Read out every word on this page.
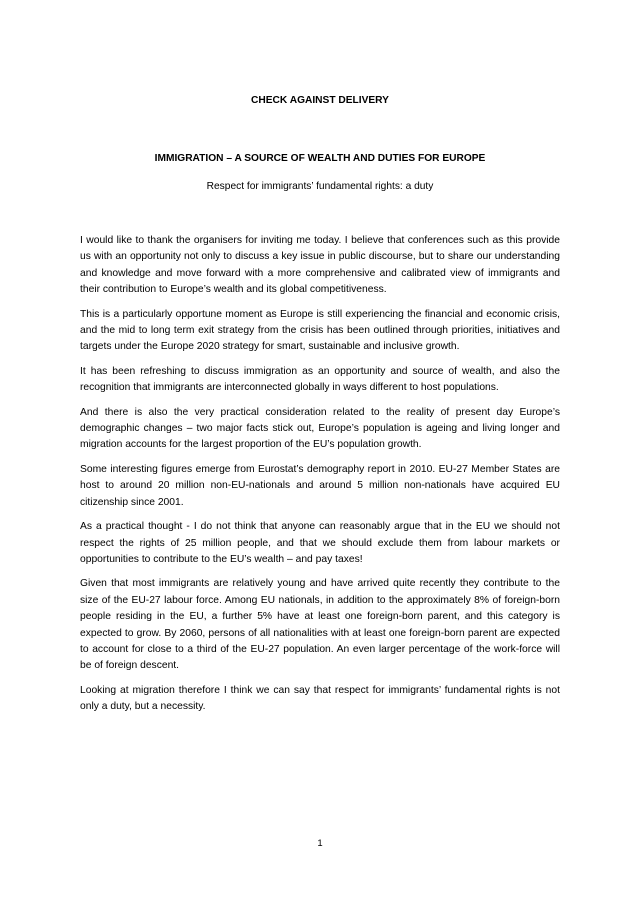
CHECK AGAINST DELIVERY

IMMIGRATION – A SOURCE OF WEALTH AND DUTIES FOR EUROPE

Respect for immigrants’ fundamental rights: a duty

I would like to thank the organisers for inviting me today. I believe that conferences such as this provide us with an opportunity not only to discuss a key issue in public discourse, but to share our understanding and knowledge and move forward with a more comprehensive and calibrated view of immigrants and their contribution to Europe’s wealth and its global competitiveness.

This is a particularly opportune moment as Europe is still experiencing the financial and economic crisis, and the mid to long term exit strategy from the crisis has been outlined through priorities, initiatives and targets under the Europe 2020 strategy for smart, sustainable and inclusive growth.

It has been refreshing to discuss immigration as an opportunity and source of wealth, and also the recognition that immigrants are interconnected globally in ways different to host populations.

And there is also the very practical consideration related to the reality of present day Europe’s demographic changes – two major facts stick out, Europe’s population is ageing and living longer and migration accounts for the largest proportion of the EU’s population growth.

Some interesting figures emerge from Eurostat’s demography report in 2010. EU-27 Member States are host to around 20 million non-EU-nationals and around 5 million non-nationals have acquired EU citizenship since 2001.

As a practical thought - I do not think that anyone can reasonably argue that in the EU we should not respect the rights of 25 million people, and that we should exclude them from labour markets or opportunities to contribute to the EU’s wealth – and pay taxes!

Given that most immigrants are relatively young and have arrived quite recently they contribute to the size of the EU-27 labour force. Among EU nationals, in addition to the approximately 8% of foreign-born people residing in the EU, a further 5% have at least one foreign-born parent, and this category is expected to grow. By 2060, persons of all nationalities with at least one foreign-born parent are expected to account for close to a third of the EU-27 population. An even larger percentage of the work-force will be of foreign descent.

Looking at migration therefore I think we can say that respect for immigrants’ fundamental rights is not only a duty, but a necessity.

1
